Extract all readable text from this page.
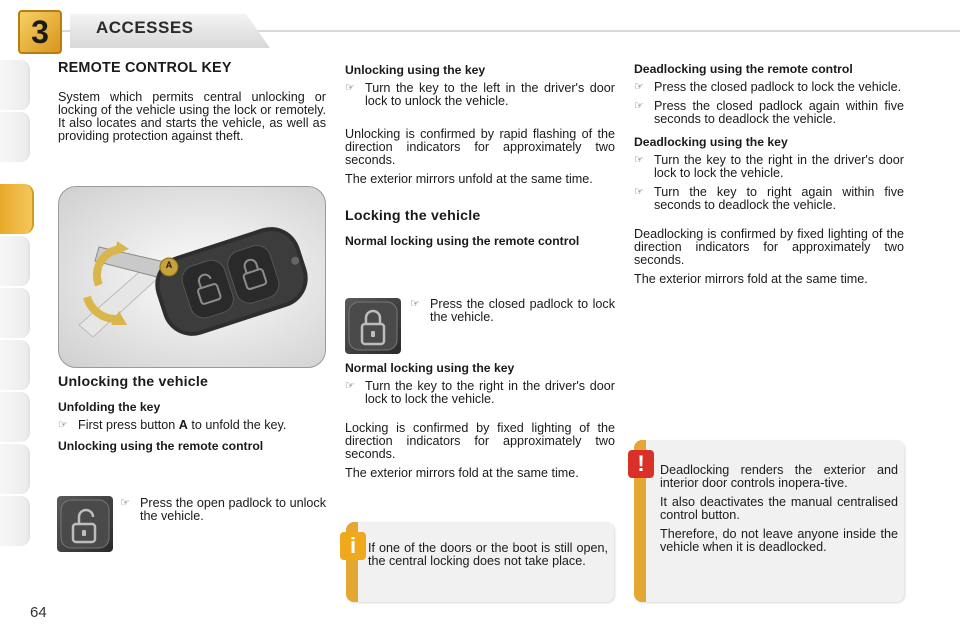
3	ACCESSES
REMOTE CONTROL KEY

System which permits central unlocking or locking of the vehicle using the lock or remotely. It also locates and starts the vehicle, as well as providing protection against theft.

A
Unlocking the vehicle
Unfolding the key
☞ First press button A to unfold the key.
Unlocking using the remote control
☞ Press the open padlock to unlock the vehicle.
Unlocking using the key
☞ Turn the key to the left in the driver's door lock to unlock the vehicle.

Unlocking is confirmed by rapid flashing of the direction indicators for approximately two seconds.

The exterior mirrors unfold at the same time.

Locking the vehicle
Normal locking using the remote control
☞ Press the closed padlock to lock the vehicle.
Normal locking using the key
☞ Turn the key to the right in the driver's door lock to lock the vehicle.

Locking is confirmed by fixed lighting of the direction indicators for approximately two seconds.

The exterior mirrors fold at the same time.

If one of the doors or the boot is still open, the central locking does not take place.

i
Deadlocking using the remote control
☞ Press the closed padlock to lock the vehicle.
☞ Press the closed padlock again within five seconds to deadlock the vehicle.
Deadlocking using the key
☞ Turn the key to the right in the driver's door lock to lock the vehicle.
☞ Turn the key to right again within five seconds to deadlock the vehicle.

Deadlocking is confirmed by fixed lighting of the direction indicators for approximately two seconds.

The exterior mirrors fold at the same time.

Deadlocking renders the exterior and interior door controls inopera-tive.

It also deactivates the manual centralised control button.

Therefore, do not leave anyone inside the vehicle when it is deadlocked.

!
64
